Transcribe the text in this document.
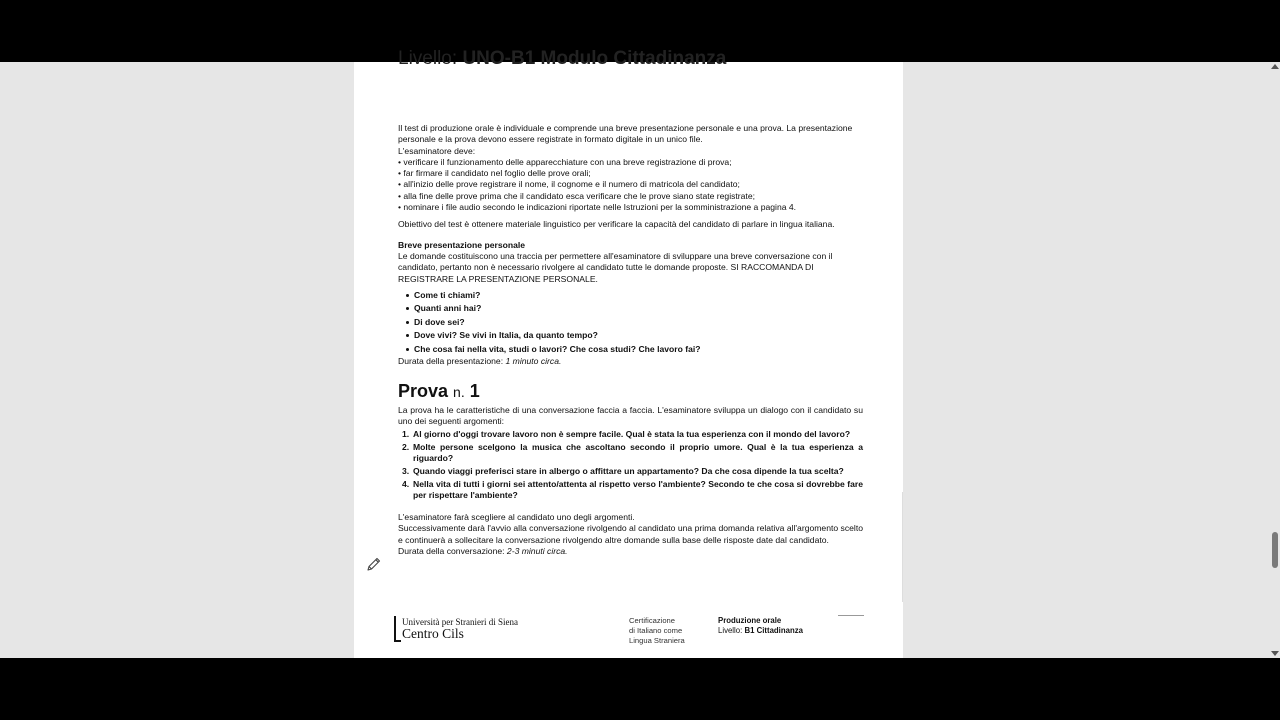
Livello: UNO-B1 Modulo Cittadinanza

Il test di produzione orale è individuale e comprende una breve presentazione personale e una prova. La presentazione personale e la prova devono essere registrate in formato digitale in un unico file.

L'esaminatore deve:

• verificare il funzionamento delle apparecchiature con una breve registrazione di prova;
• far firmare il candidato nel foglio delle prove orali;
• all'inizio delle prove registrare il nome, il cognome e il numero di matricola del candidato;
• alla fine delle prove prima che il candidato esca verificare che le prove siano state registrate;
• nominare i file audio secondo le indicazioni riportate nelle Istruzioni per la somministrazione a pagina 4.

Obiettivo del test è ottenere materiale linguistico per verificare la capacità del candidato di parlare in lingua italiana.

Breve presentazione personale

Le domande costituiscono una traccia per permettere all'esaminatore di sviluppare una breve conversazione con il candidato, pertanto non è necessario rivolgere al candidato tutte le domande proposte. SI RACCOMANDA DI REGISTRARE LA PRESENTAZIONE PERSONALE.

Come ti chiami?
Quanti anni hai?
Di dove sei?
Dove vivi? Se vivi in Italia, da quanto tempo?
Che cosa fai nella vita, studi o lavori? Che cosa studi? Che lavoro fai?

Durata della presentazione: 1 minuto circa.

Prova n. 1

La prova ha le caratteristiche di una conversazione faccia a faccia. L'esaminatore sviluppa un dialogo con il candidato su uno dei seguenti argomenti:

Al giorno d'oggi trovare lavoro non è sempre facile. Qual è stata la tua esperienza con il mondo del lavoro?
Molte persone scelgono la musica che ascoltano secondo il proprio umore. Qual è la tua esperienza a riguardo?
Quando viaggi preferisci stare in albergo o affittare un appartamento? Da che cosa dipende la tua scelta?
Nella vita di tutti i giorni sei attento/attenta al rispetto verso l'ambiente? Secondo te che cosa si dovrebbe fare per rispettare l'ambiente?

L'esaminatore farà scegliere al candidato uno degli argomenti.

Successivamente darà l'avvio alla conversazione rivolgendo al candidato una prima domanda relativa all'argomento scelto e continuerà a sollecitare la conversazione rivolgendo altre domande sulla base delle risposte date dal candidato.

Durata della conversazione: 2-3 minuti circa.

Università per Stranieri di Siena
Centro Cils
Certificazione
di Italiano come
Lingua Straniera
Produzione orale
Livello: B1 Cittadinanza
